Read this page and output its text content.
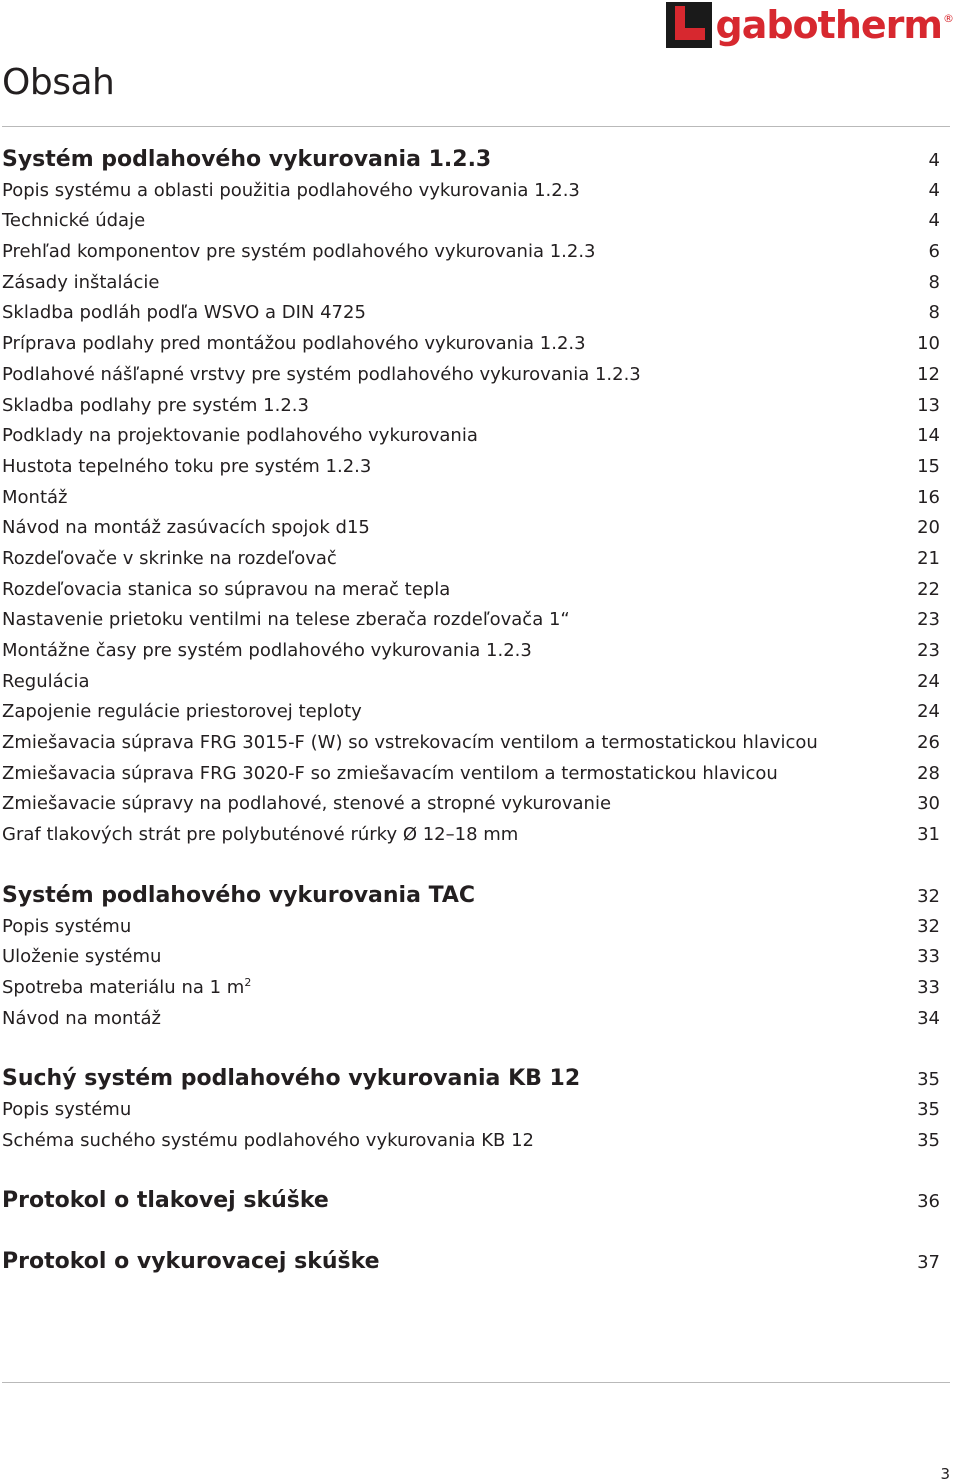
gabotherm ®
Obsah
Systém podlahového vykurovania 1.2.3	4
Popis systému a oblasti použitia podlahového vykurovania 1.2.3	4
Technické údaje	4
Prehľad komponentov pre systém podlahového vykurovania 1.2.3	6
Zásady inštalácie	8
Skladba podláh podľa WSVO a DIN 4725	8
Príprava podlahy pred montážou podlahového vykurovania 1.2.3	10
Podlahové nášľapné vrstvy pre systém podlahového vykurovania 1.2.3	12
Skladba podlahy pre systém 1.2.3	13
Podklady na projektovanie podlahového vykurovania	14
Hustota tepelného toku pre systém 1.2.3	15
Montáž	16
Návod na montáž zasúvacích spojok d15	20
Rozdeľovače v skrinke na rozdeľovač	21
Rozdeľovacia stanica so súpravou na merač tepla	22
Nastavenie prietoku ventilmi na telese zberača rozdeľovača 1“	23
Montážne časy pre systém podlahového vykurovania 1.2.3	23
Regulácia	24
Zapojenie regulácie priestorovej teploty	24
Zmiešavacia súprava FRG 3015-F (W) so vstrekovacím ventilom a termostatickou hlavicou	26
Zmiešavacia súprava FRG 3020-F so zmiešavacím ventilom a termostatickou hlavicou	28
Zmiešavacie súpravy na podlahové, stenové a stropné vykurovanie	30
Graf tlakových strát pre polybuténové rúrky Ø 12–18 mm	31
Systém podlahového vykurovania TAC	32
Popis systému	32
Uloženie systému	33
Spotreba materiálu na 1 $m^2$	33
Návod na montáž	34
Suchý systém podlahového vykurovania KB 12	35
Popis systému	35
Schéma suchého systému podlahového vykurovania KB 12	35
Protokol o tlakovej skúške	36
Protokol o vykurovacej skúške	37
3
